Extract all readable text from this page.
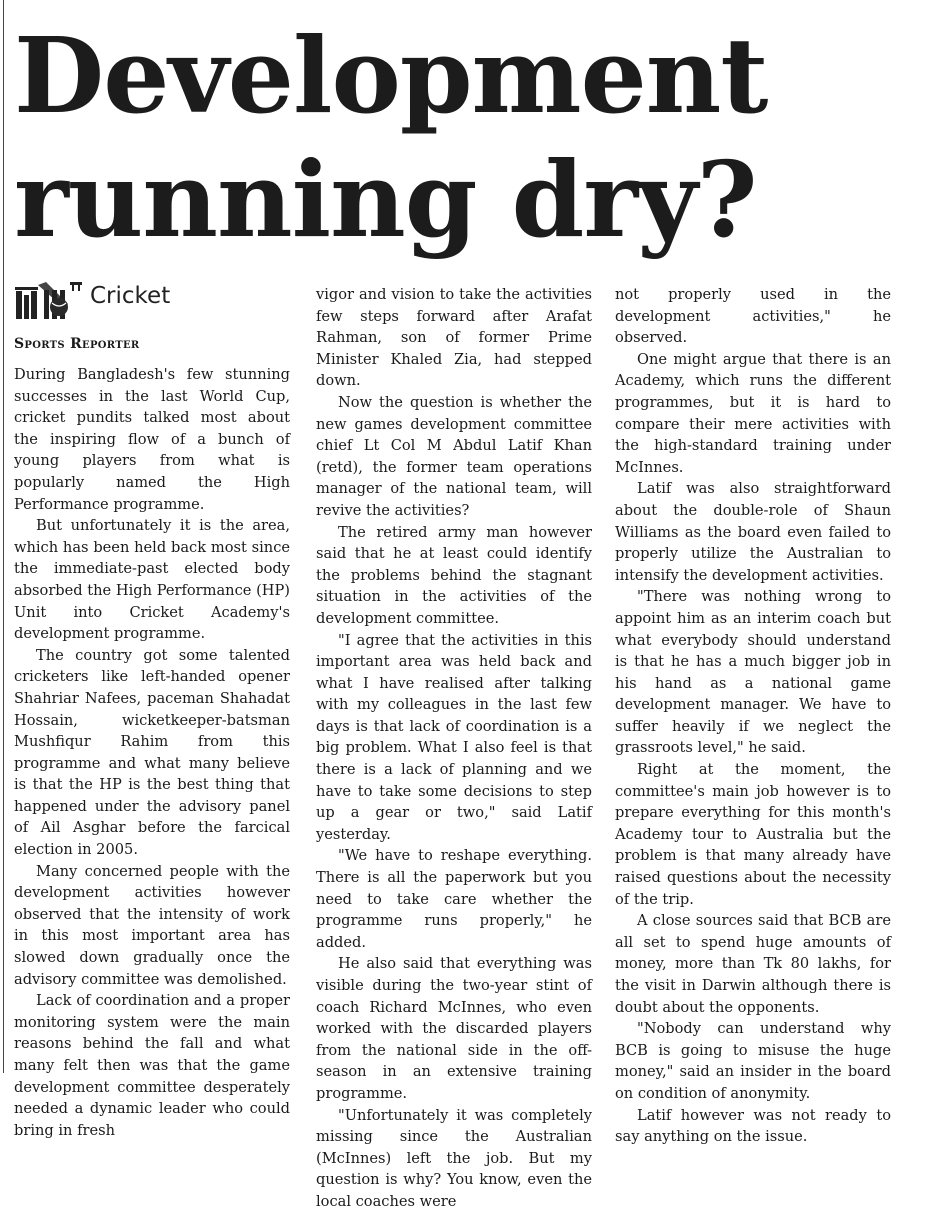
Development
running dry?
Cricket
Sports Reporter

During Bangladesh's few stunning successes in the last World Cup, cricket pundits talked most about the inspiring flow of a bunch of young players from what is popularly named the High Performance programme.

But unfortunately it is the area, which has been held back most since the immediate-past elected body absorbed the High Performance (HP) Unit into Cricket Academy's development programme.

The country got some talented cricketers like left-handed opener Shahriar Nafees, paceman Shahadat Hossain, wicketkeeper-batsman Mushfiqur Rahim from this programme and what many believe is that the HP is the best thing that happened under the advisory panel of Ail Asghar before the farcical election in 2005.

Many concerned people with the development activities however observed that the intensity of work in this most important area has slowed down gradually once the advisory committee was demolished.

Lack of coordination and a proper monitoring system were the main reasons behind the fall and what many felt then was that the game development committee desperately needed a dynamic leader who could bring in fresh

vigor and vision to take the activities few steps forward after Arafat Rahman, son of former Prime Minister Khaled Zia, had stepped down.

Now the question is whether the new games development committee chief Lt Col M Abdul Latif Khan (retd), the former team operations manager of the national team, will revive the activities?

The retired army man however said that he at least could identify the problems behind the stagnant situation in the activities of the development committee.

"I agree that the activities in this important area was held back and what I have realised after talking with my colleagues in the last few days is that lack of coordination is a big problem. What I also feel is that there is a lack of planning and we have to take some decisions to step up a gear or two," said Latif yesterday.

"We have to reshape everything. There is all the paperwork but you need to take care whether the programme runs properly," he added.

He also said that everything was visible during the two-year stint of coach Richard McInnes, who even worked with the discarded players from the national side in the off-season in an extensive training programme.

"Unfortunately it was completely missing since the Australian (McInnes) left the job. But my question is why? You know, even the local coaches were

not properly used in the development activities," he observed.

One might argue that there is an Academy, which runs the different programmes, but it is hard to compare their mere activities with the high-standard training under McInnes.

Latif was also straightforward about the double-role of Shaun Williams as the board even failed to properly utilize the Australian to intensify the development activities.

"There was nothing wrong to appoint him as an interim coach but what everybody should understand is that he has a much bigger job in his hand as a national game development manager. We have to suffer heavily if we neglect the grassroots level," he said.

Right at the moment, the committee's main job however is to prepare everything for this month's Academy tour to Australia but the problem is that many already have raised questions about the necessity of the trip.

A close sources said that BCB are all set to spend huge amounts of money, more than Tk 80 lakhs, for the visit in Darwin although there is doubt about the opponents.

"Nobody can understand why BCB is going to misuse the huge money," said an insider in the board on condition of anonymity.

Latif however was not ready to say anything on the issue.
